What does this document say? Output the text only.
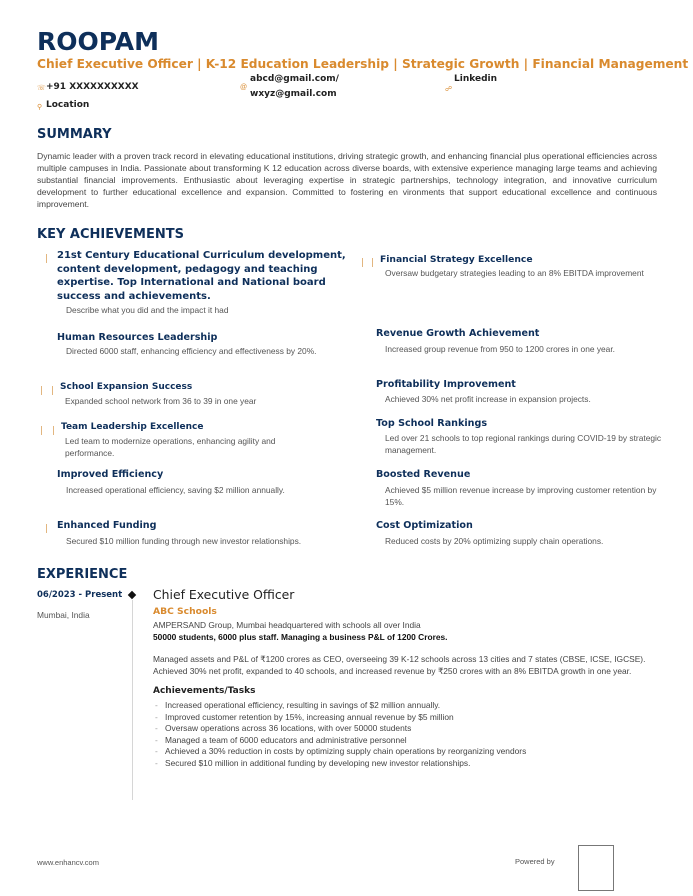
ROOPAM
Chief Executive Officer | K-12 Education Leadership | Strategic Growth | Financial Management
☏ +91 XXXXXXXXXX
⚲ Location
@
abcd@gmail.com/
wxyz@gmail.com	☍
Linkedin
SUMMARY
Dynamic leader with a proven track record in elevating educational institutions, driving strategic growth, and enhancing financial plus operational efficiencies across multiple campuses in India. Passionate about transforming K 12 education across diverse boards, with extensive experience managing large teams and achieving substantial financial improvements. Enthusiastic about leveraging expertise in strategic partnerships, technology integration, and innovative curriculum development to further educational excellence and expansion. Committed to fostering en vironments that support educational excellence and continuous improvement.
KEY ACHIEVEMENTS
21st Century Educational Curriculum development, content development, pedagogy and teaching expertise. Top International and National board success and achievements.
Describe what you did and the impact it had
Financial Strategy Excellence
Oversaw budgetary strategies leading to an 8% EBITDA improvement
Human Resources Leadership
Directed 6000 staff, enhancing efficiency and effectiveness by 20%.
Revenue Growth Achievement
Increased group revenue from 950 to 1200 crores in one year.
School Expansion Success
Expanded school network from 36 to 39 in one year
Profitability Improvement
Achieved 30% net profit increase in expansion projects.
Team Leadership Excellence
Led team to modernize operations, enhancing agility and performance.
Top School Rankings
Led over 21 schools to top regional rankings during COVID-19 by strategic management.
Improved Efficiency
Increased operational efficiency, saving $2 million annually.
Boosted Revenue
Achieved $5 million revenue increase by improving customer retention by 15%.
Enhanced Funding
Secured $10 million funding through new investor relationships.
Cost Optimization
Reduced costs by 20% optimizing supply chain operations.
EXPERIENCE
06/2023 - Present
Mumbai, India
Chief Executive Officer
ABC Schools
AMPERSAND Group, Mumbai headquartered with schools all over India
50000 students, 6000 plus staff. Managing a business P&L of 1200 Crores.
Managed assets and P&L of ₹1200 crores as CEO, overseeing 39 K-12 schools across 13 cities and 7 states (CBSE, ICSE, IGCSE). Achieved 30% net profit, expanded to 40 schools, and increased revenue by ₹250 crores with an 8% EBITDA growth in one year.
Achievements/Tasks
- Increased operational efficiency, resulting in savings of $2 million annually.
- Improved customer retention by 15%, increasing annual revenue by $5 million
- Oversaw operations across 36 locations, with over 50000 students
- Managed a team of 6000 educators and administrative personnel
- Achieved a 30% reduction in costs by optimizing supply chain operations by reorganizing vendors
- Secured $10 million in additional funding by developing new investor relationships.
www.enhancv.com	Powered by
